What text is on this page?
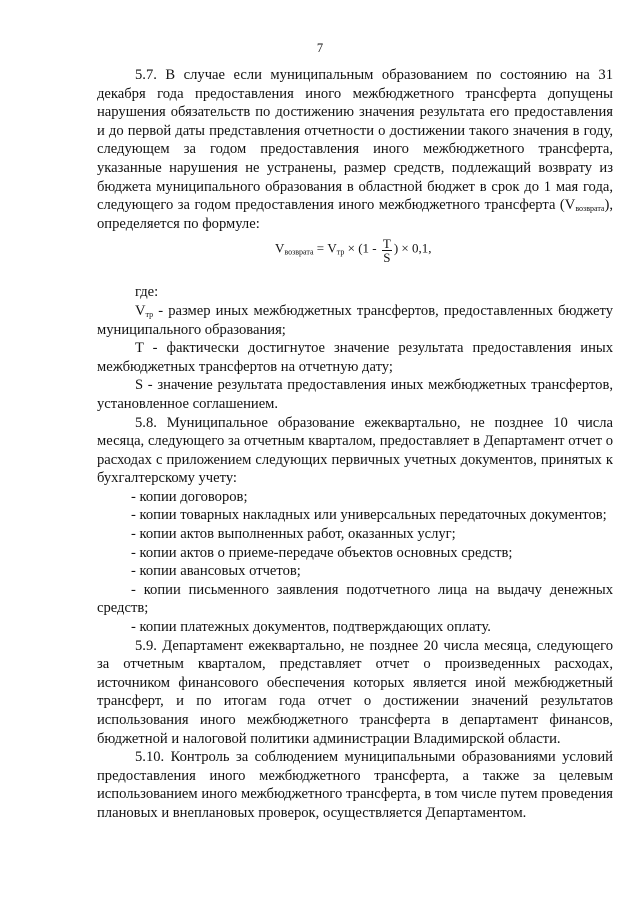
7

5.7. В случае если муниципальным образованием по состоянию на 31 декабря года предоставления иного межбюджетного трансферта допущены нарушения обязательств по достижению значения результата его предоставления и до первой даты представления отчетности о достижении такого значения в году, следующем за годом предоставления иного межбюджетного трансферта, указанные нарушения не устранены, размер средств, подлежащий возврату из бюджета муниципального образования в областной бюджет в срок до 1 мая года, следующего за годом предоставления иного межбюджетного трансферта $(V_{возврата})$, определяется по формуле:

$V_{возврата} = V_{тр} \times (1 - \frac{T}{S}$ ) × 0,1,

где:

$V_{тр}$ - размер иных межбюджетных трансфертов, предоставленных бюджету муниципального образования;

T - фактически достигнутое значение результата предоставления иных межбюджетных трансфертов на отчетную дату;

S - значение результата предоставления иных межбюджетных трансфертов, установленное соглашением.

5.8. Муниципальное образование ежеквартально, не позднее 10 числа месяца, следующего за отчетным кварталом, предоставляет в Департамент отчет о расходах с приложением следующих первичных учетных документов, принятых к бухгалтерскому учету:

- копии договоров;

- копии товарных накладных или универсальных передаточных документов;

- копии актов выполненных работ, оказанных услуг;

- копии актов о приеме-передаче объектов основных средств;

- копии авансовых отчетов;

- копии письменного заявления подотчетного лица на выдачу денежных средств;

- копии платежных документов, подтверждающих оплату.

5.9. Департамент ежеквартально, не позднее 20 числа месяца, следующего за отчетным кварталом, представляет отчет о произведенных расходах, источником финансового обеспечения которых является иной межбюджетный трансферт, и по итогам года отчет о достижении значений результатов использования иного межбюджетного трансферта в департамент финансов, бюджетной и налоговой политики администрации Владимирской области.

5.10. Контроль за соблюдением муниципальными образованиями условий предоставления иного межбюджетного трансферта, а также за целевым использованием иного межбюджетного трансферта, в том числе путем проведения плановых и внеплановых проверок, осуществляется Департаментом.
